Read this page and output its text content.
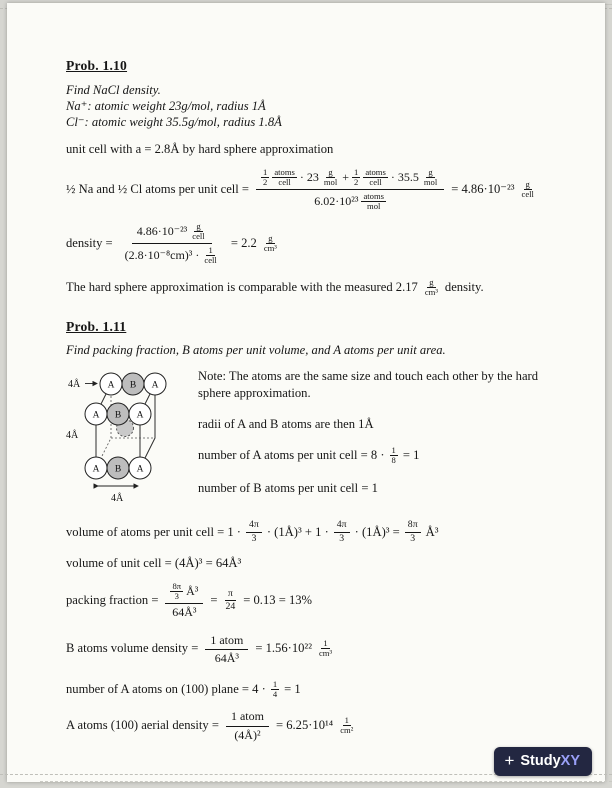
Prob. 1.10
Find NaCl density.
Na⁺: atomic weight 23g/mol, radius 1Å
Cl⁻: atomic weight 35.5g/mol, radius 1.8Å
unit cell with a = 2.8Å by hard sphere approximation
½ Na and ½ Cl atoms per unit cell =
$\frac{1}{2}$ atoms
cell · 23 g
mol + $\frac{1}{2}$ atoms
cell · 35.5 g
mol
6.02·10²³ atoms
mol
= 4.86·10⁻²³ g
cell
density =
4.86·10⁻²³ g
cell
(2.8·10⁻⁸cm)³ · 1
cell
= $2.2 \frac{g}{\text{cm³}}$
The hard sphere approximation is comparable with the measured $2.17 \frac{g}{\text{cm³}}$ density.
Prob. 1.11
Find packing fraction, B atoms per unit volume, and A atoms per unit area.
A B A
A B A
A B A
4Å
4Å
4Å
Note: The atoms are the same size and touch each other by the hard sphere approximation.
radii of A and B atoms are then 1Å
number of A atoms per unit cell = $8 \cdot \frac{1}{8} = 1$
number of B atoms per unit cell = 1
volume of atoms per unit cell = $1 \cdot \frac{4\pi}{3}$ · (1Å)³ + $1 \cdot \frac{4\pi}{3}$ · (1Å)³ = $\frac{8\pi}{3}$ Å³
volume of unit cell = (4Å)³ = 64Å³
packing fraction = $\frac{\frac{8\pi}{3} Å^3}{\text{64Å³}} = \frac{\pi}{24} = 0.13 = 13\%$
B atoms volume density =
1 atom
64Å³
= $1.56\cdot 10^{22} \frac{1}{\text{cm³}}$
number of A atoms on (100) plane = $4 \cdot \frac{1}{4} = 1$
A atoms (100) aerial density =
1 atom
(4Å)²
= $6.25\cdot 10^{14} \frac{1}{\text{cm²}}$
+ StudyXY
